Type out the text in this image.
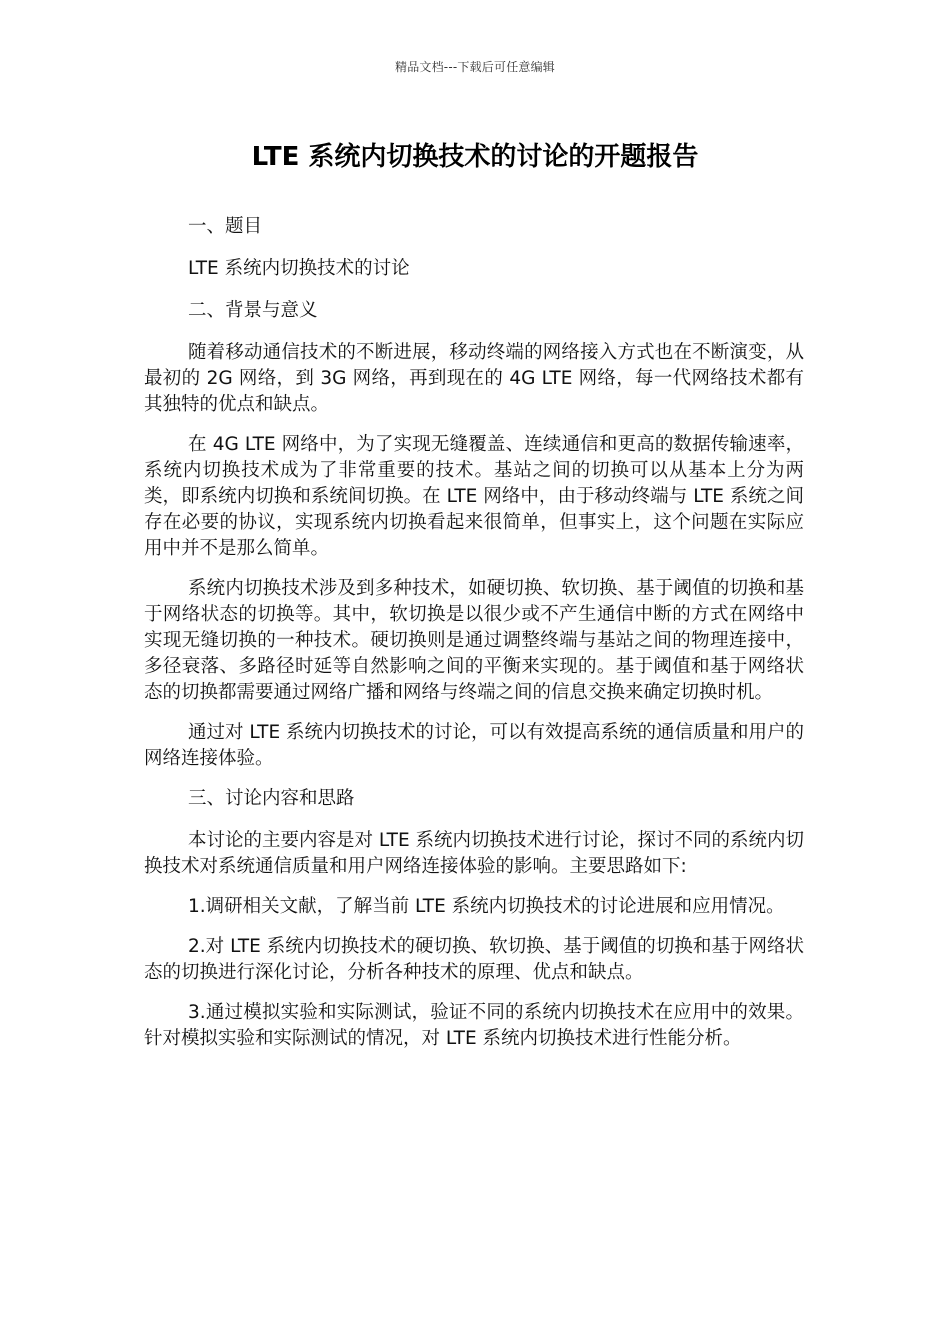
精品文档---下载后可任意编辑
LTE 系统内切换技术的讨论的开题报告

一、题目

LTE 系统内切换技术的讨论

二、背景与意义

随着移动通信技术的不断进展，移动终端的网络接入方式也在不断演变，从最初的 2G 网络，到 3G 网络，再到现在的 4G LTE 网络，每一代网络技术都有其独特的优点和缺点。

在 4G LTE 网络中，为了实现无缝覆盖、连续通信和更高的数据传输速率，系统内切换技术成为了非常重要的技术。基站之间的切换可以从基本上分为两类，即系统内切换和系统间切换。在 LTE 网络中，由于移动终端与 LTE 系统之间存在必要的协议，实现系统内切换看起来很简单，但事实上，这个问题在实际应用中并不是那么简单。

系统内切换技术涉及到多种技术，如硬切换、软切换、基于阈值的切换和基于网络状态的切换等。其中，软切换是以很少或不产生通信中断的方式在网络中实现无缝切换的一种技术。硬切换则是通过调整终端与基站之间的物理连接中，多径衰落、多路径时延等自然影响之间的平衡来实现的。基于阈值和基于网络状态的切换都需要通过网络广播和网络与终端之间的信息交换来确定切换时机。

通过对 LTE 系统内切换技术的讨论，可以有效提高系统的通信质量和用户的网络连接体验。

三、讨论内容和思路

本讨论的主要内容是对 LTE 系统内切换技术进行讨论，探讨不同的系统内切换技术对系统通信质量和用户网络连接体验的影响。主要思路如下:

1.调研相关文献，了解当前 LTE 系统内切换技术的讨论进展和应用情况。

2.对 LTE 系统内切换技术的硬切换、软切换、基于阈值的切换和基于网络状态的切换进行深化讨论，分析各种技术的原理、优点和缺点。

3.通过模拟实验和实际测试，验证不同的系统内切换技术在应用中的效果。针对模拟实验和实际测试的情况，对 LTE 系统内切换技术进行性能分析。
